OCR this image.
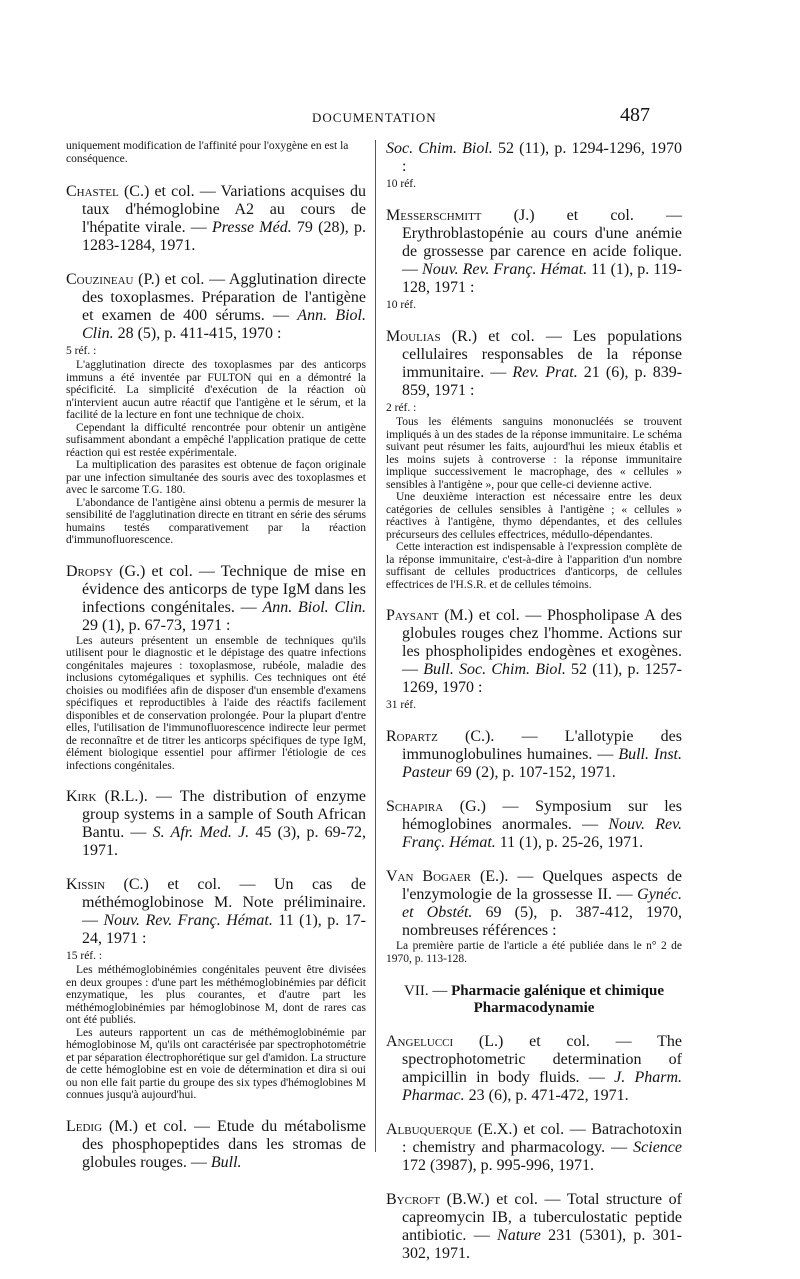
DOCUMENTATION	487
uniquement modification de l'affinité pour l'oxygène en est la conséquence.
Chastel (C.) et col. — Variations acquises du taux d'hémoglobine A2 au cours de l'hépatite virale. — Presse Méd. 79 (28), p. 1283-1284, 1971.
Couzineau (P.) et col. — Agglutination directe des toxoplasmes. Préparation de l'antigène et examen de 400 sérums. — Ann. Biol. Clin. 28 (5), p. 411-415, 1970 :
5 réf. :

L'agglutination directe des toxoplasmes par des anticorps immuns a été inventée par FULTON qui en a démontré la spécificité. La simplicité d'exécution de la réaction où n'intervient aucun autre réactif que l'antigène et le sérum, et la facilité de la lecture en font une technique de choix.

Cependant la difficulté rencontrée pour obtenir un antigène sufisamment abondant a empêché l'application pratique de cette réaction qui est restée expérimentale.

La multiplication des parasites est obtenue de façon originale par une infection simultanée des souris avec des toxoplasmes et avec le sarcome T.G. 180.

L'abondance de l'antigène ainsi obtenu a permis de mesurer la sensibilité de l'agglutination directe en titrant en série des sérums humains testés comparativement par la réaction d'immunofluorescence.

Dropsy (G.) et col. — Technique de mise en évidence des anticorps de type IgM dans les infections congénitales. — Ann. Biol. Clin. 29 (1), p. 67-73, 1971 :

Les auteurs présentent un ensemble de techniques qu'ils utilisent pour le diagnostic et le dépistage des quatre infections congénitales majeures : toxoplasmose, rubéole, maladie des inclusions cytomégaliques et syphilis. Ces techniques ont été choisies ou modifiées afin de disposer d'un ensemble d'examens spécifiques et reproductibles à l'aide des réactifs facilement disponibles et de conservation prolongée. Pour la plupart d'entre elles, l'utilisation de l'immunofluorescence indirecte leur permet de reconnaître et de titrer les anticorps spécifiques de type IgM, élément biologique essentiel pour affirmer l'étiologie de ces infections congénitales.

Kirk (R.L.). — The distribution of enzyme group systems in a sample of South African Bantu. — S. Afr. Med. J. 45 (3), p. 69-72, 1971.
Kissin (C.) et col. — Un cas de méthémoglobinose M. Note préliminaire. — Nouv. Rev. Franç. Hémat. 11 (1), p. 17-24, 1971 :
15 réf. :

Les méthémoglobinémies congénitales peuvent être divisées en deux groupes : d'une part les méthémoglobinémies par déficit enzymatique, les plus courantes, et d'autre part les méthémoglobinémies par hémoglobinose M, dont de rares cas ont été publiés.

Les auteurs rapportent un cas de méthémoglobinémie par hémoglobinose M, qu'ils ont caractérisée par spectrophotométrie et par séparation électrophorétique sur gel d'amidon. La structure de cette hémoglobine est en voie de détermination et dira si oui ou non elle fait partie du groupe des six types d'hémoglobines M connues jusqu'à aujourd'hui.

Ledig (M.) et col. — Etude du métabolisme des phosphopeptides dans les stromas de globules rouges. — Bull.
Soc. Chim. Biol. 52 (11), p. 1294-1296, 1970 :
10 réf.
Messerschmitt (J.) et col. — Erythroblastopénie au cours d'une anémie de grossesse par carence en acide folique. — Nouv. Rev. Franç. Hémat. 11 (1), p. 119-128, 1971 :
10 réf.
Moulias (R.) et col. — Les populations cellulaires responsables de la réponse immunitaire. — Rev. Prat. 21 (6), p. 839-859, 1971 :
2 réf. :

Tous les éléments sanguins mononucléés se trouvent impliqués à un des stades de la réponse immunitaire. Le schéma suivant peut résumer les faits, aujourd'hui les mieux établis et les moins sujets à controverse : la réponse immunitaire implique successivement le macrophage, des « cellules » sensibles à l'antigène », pour que celle-ci devienne active.

Une deuxième interaction est nécessaire entre les deux catégories de cellules sensibles à l'antigène ; « cellules » réactives à l'antigène, thymo dépendantes, et des cellules précurseurs des cellules effectrices, médullo-dépendantes.

Cette interaction est indispensable à l'expression complète de la réponse immunitaire, c'est-à-dire à l'apparition d'un nombre suffisant de cellules productrices d'anticorps, de cellules effectrices de l'H.S.R. et de cellules témoins.

Paysant (M.) et col. — Phospholipase A des globules rouges chez l'homme. Actions sur les phospholipides endogènes et exogènes. — Bull. Soc. Chim. Biol. 52 (11), p. 1257-1269, 1970 :
31 réf.
Ropartz (C.). — L'allotypie des immunoglobulines humaines. — Bull. Inst. Pasteur 69 (2), p. 107-152, 1971.
Schapira (G.) — Symposium sur les hémoglobines anormales. — Nouv. Rev. Franç. Hémat. 11 (1), p. 25-26, 1971.
Van Bogaer (E.). — Quelques aspects de l'enzymologie de la grossesse II. — Gynéc. et Obstét. 69 (5), p. 387-412, 1970, nombreuses références :

La première partie de l'article a été publiée dans le n° 2 de 1970, p. 113-128.

VII. — Pharmacie galénique et chimique Pharmacodynamie
Angelucci (L.) et col. — The spectrophotometric determination of ampicillin in body fluids. — J. Pharm. Pharmac. 23 (6), p. 471-472, 1971.
Albuquerque (E.X.) et col. — Batrachotoxin : chemistry and pharmacology. — Science 172 (3987), p. 995-996, 1971.
Bycroft (B.W.) et col. — Total structure of capreomycin IB, a tuberculostatic peptide antibiotic. — Nature 231 (5301), p. 301-302, 1971.
